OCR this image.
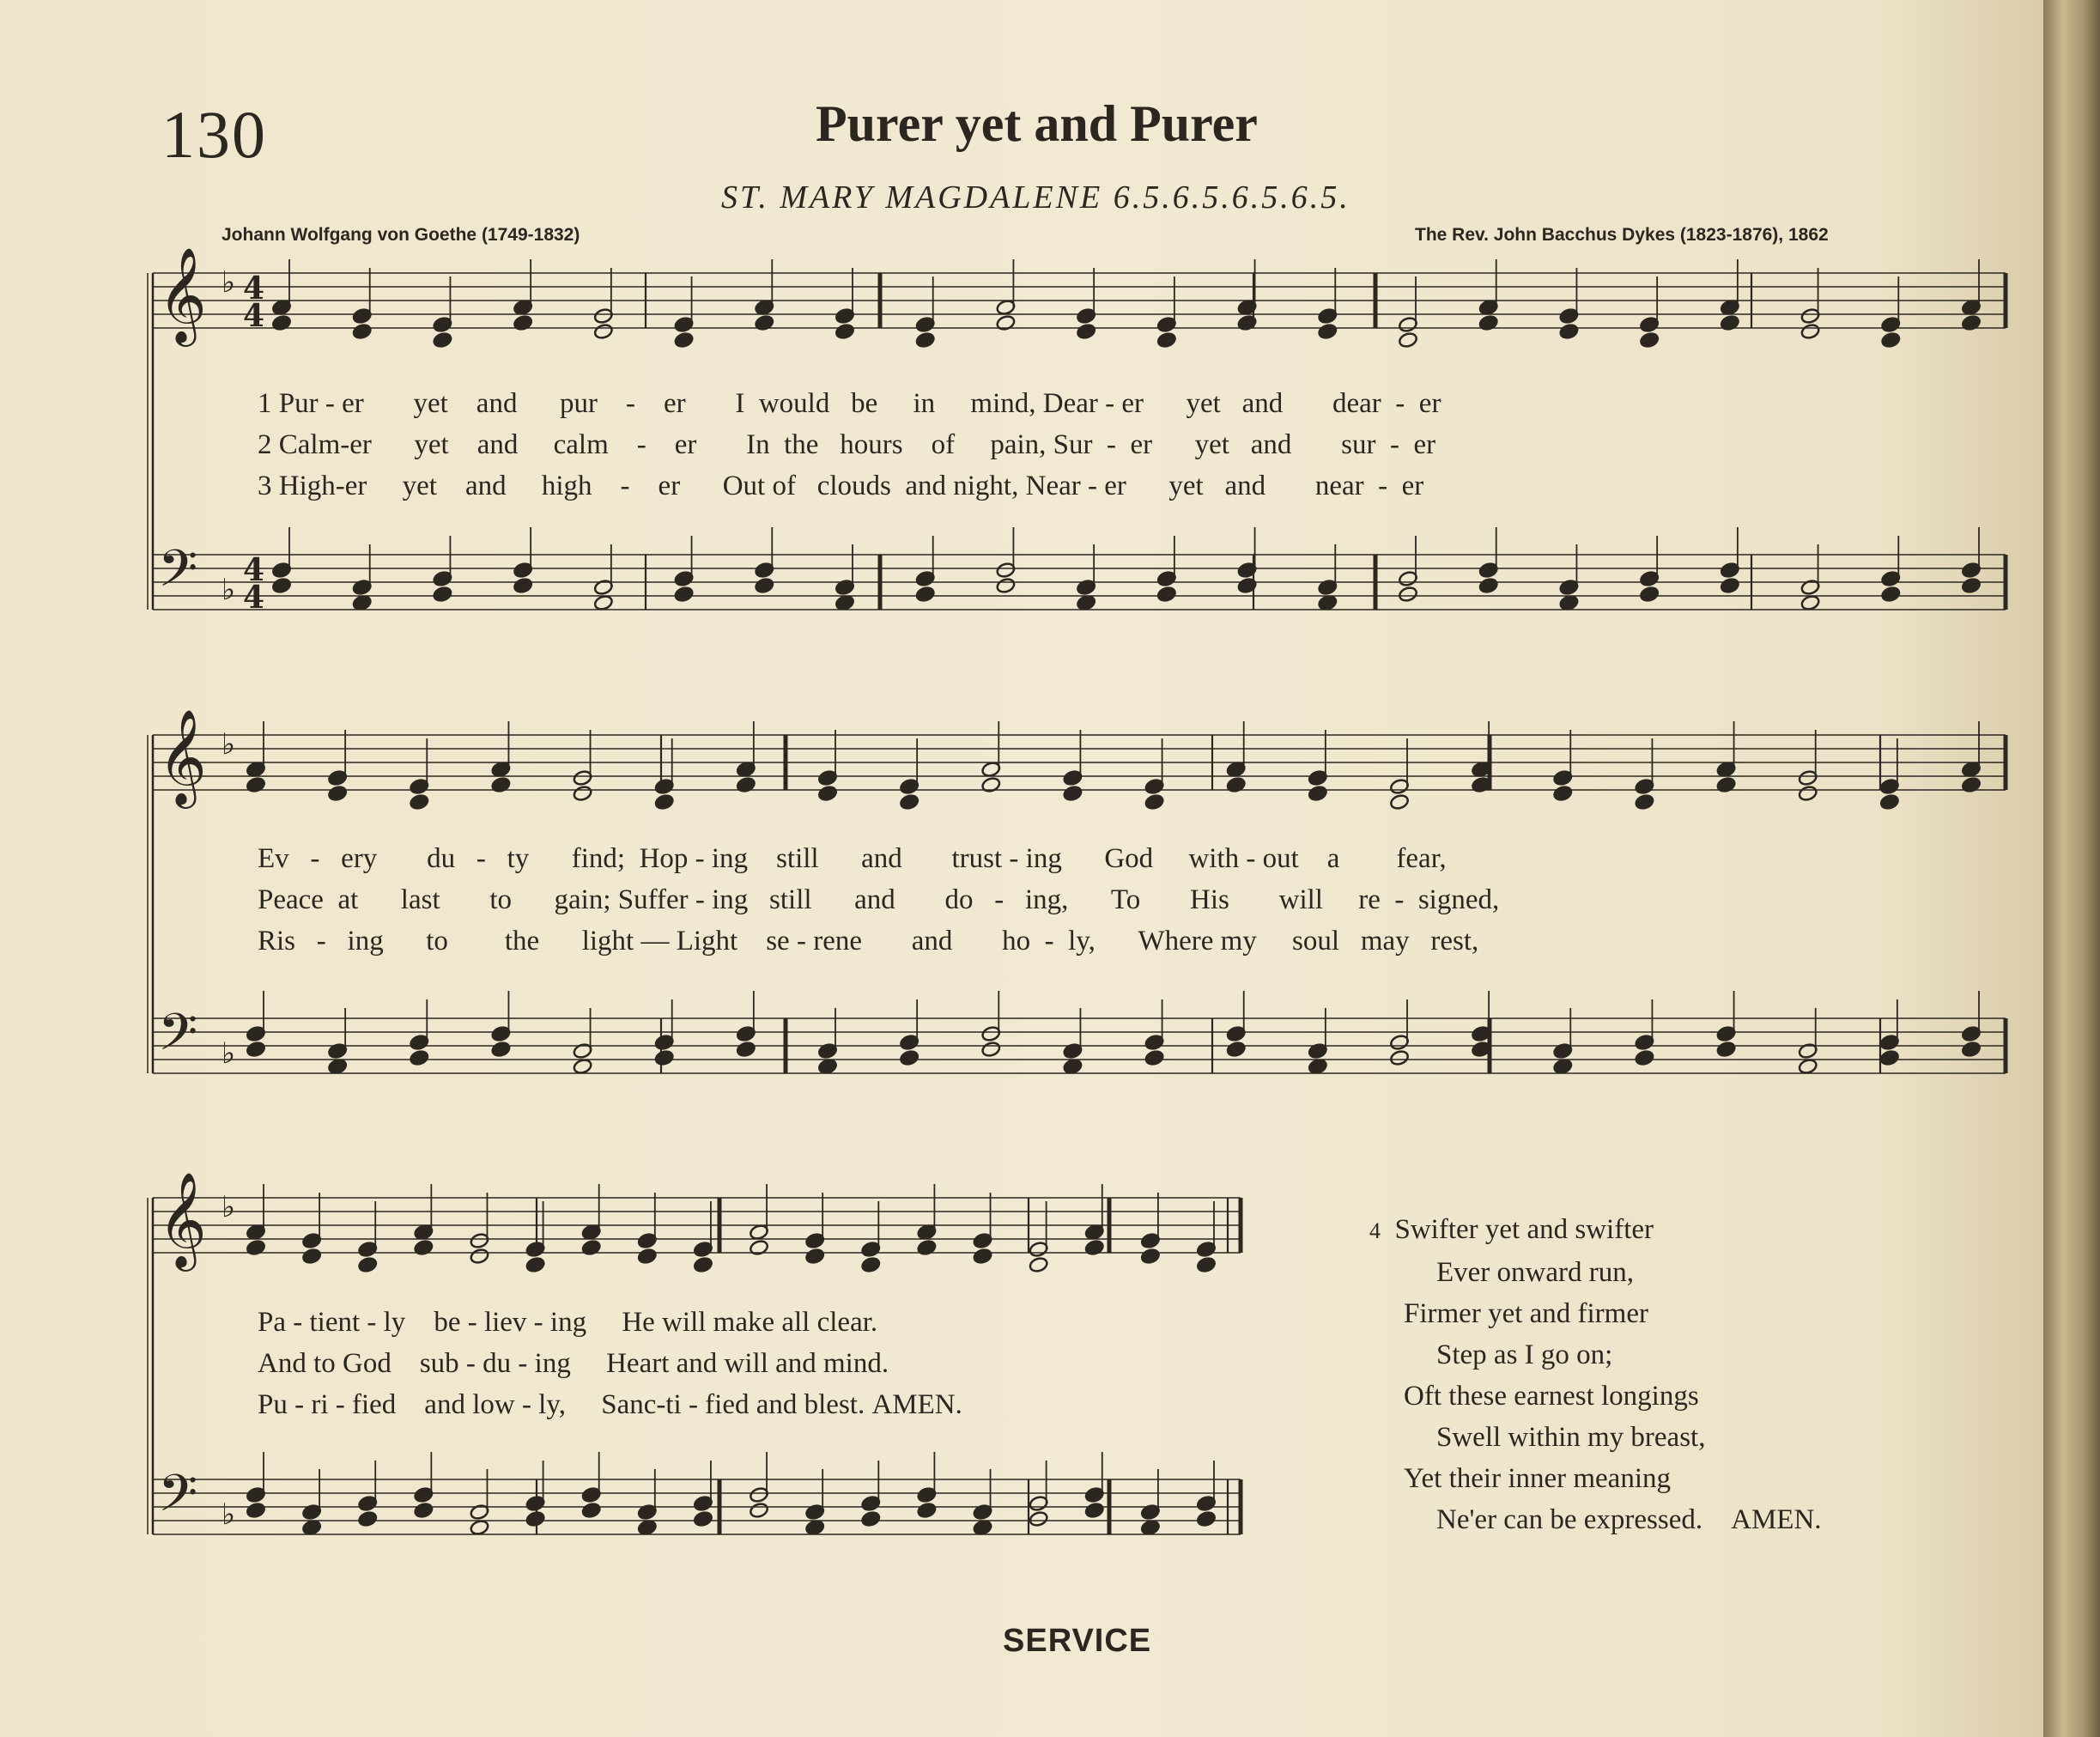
130	Purer yet and Purer
ST. MARY MAGDALENE 6.5.6.5.6.5.6.5.
Johann Wolfgang von Goethe (1749-1832)	The Rev. John Bacchus Dykes (1823-1876), 1862
𝄞
𝄢
♭
♭
4
4
4
4
𝄞
𝄢
♭
♭
𝄞
𝄢
♭
♭
1 Pur - er yet and pur - er I would be in mind, Dear - er yet and dear - er
2 Calm-er yet and calm - er In the hours of pain, Sur - er yet and sur - er
3 High-er yet and high - er Out of clouds and night, Near - er yet and near - er
Ev - ery du - ty find; Hop - ing still and trust - ing God with - out a fear,
Peace at last to gain; Suffer - ing still and do - ing, To His will re - signed,
Ris - ing to the light — Light se - rene and ho - ly, Where my soul may rest,
Pa - tient - ly be - liev - ing He will make all clear.
And to God sub - du - ing Heart and will and mind.
Pu - ri - fied and low - ly, Sanc-ti - fied and blest. AMEN.
4 Swifter yet and swifter
Ever onward run,
Firmer yet and firmer
Step as I go on;
Oft these earnest longings
Swell within my breast,
Yet their inner meaning
Ne'er can be expressed. AMEN.
SERVICE
